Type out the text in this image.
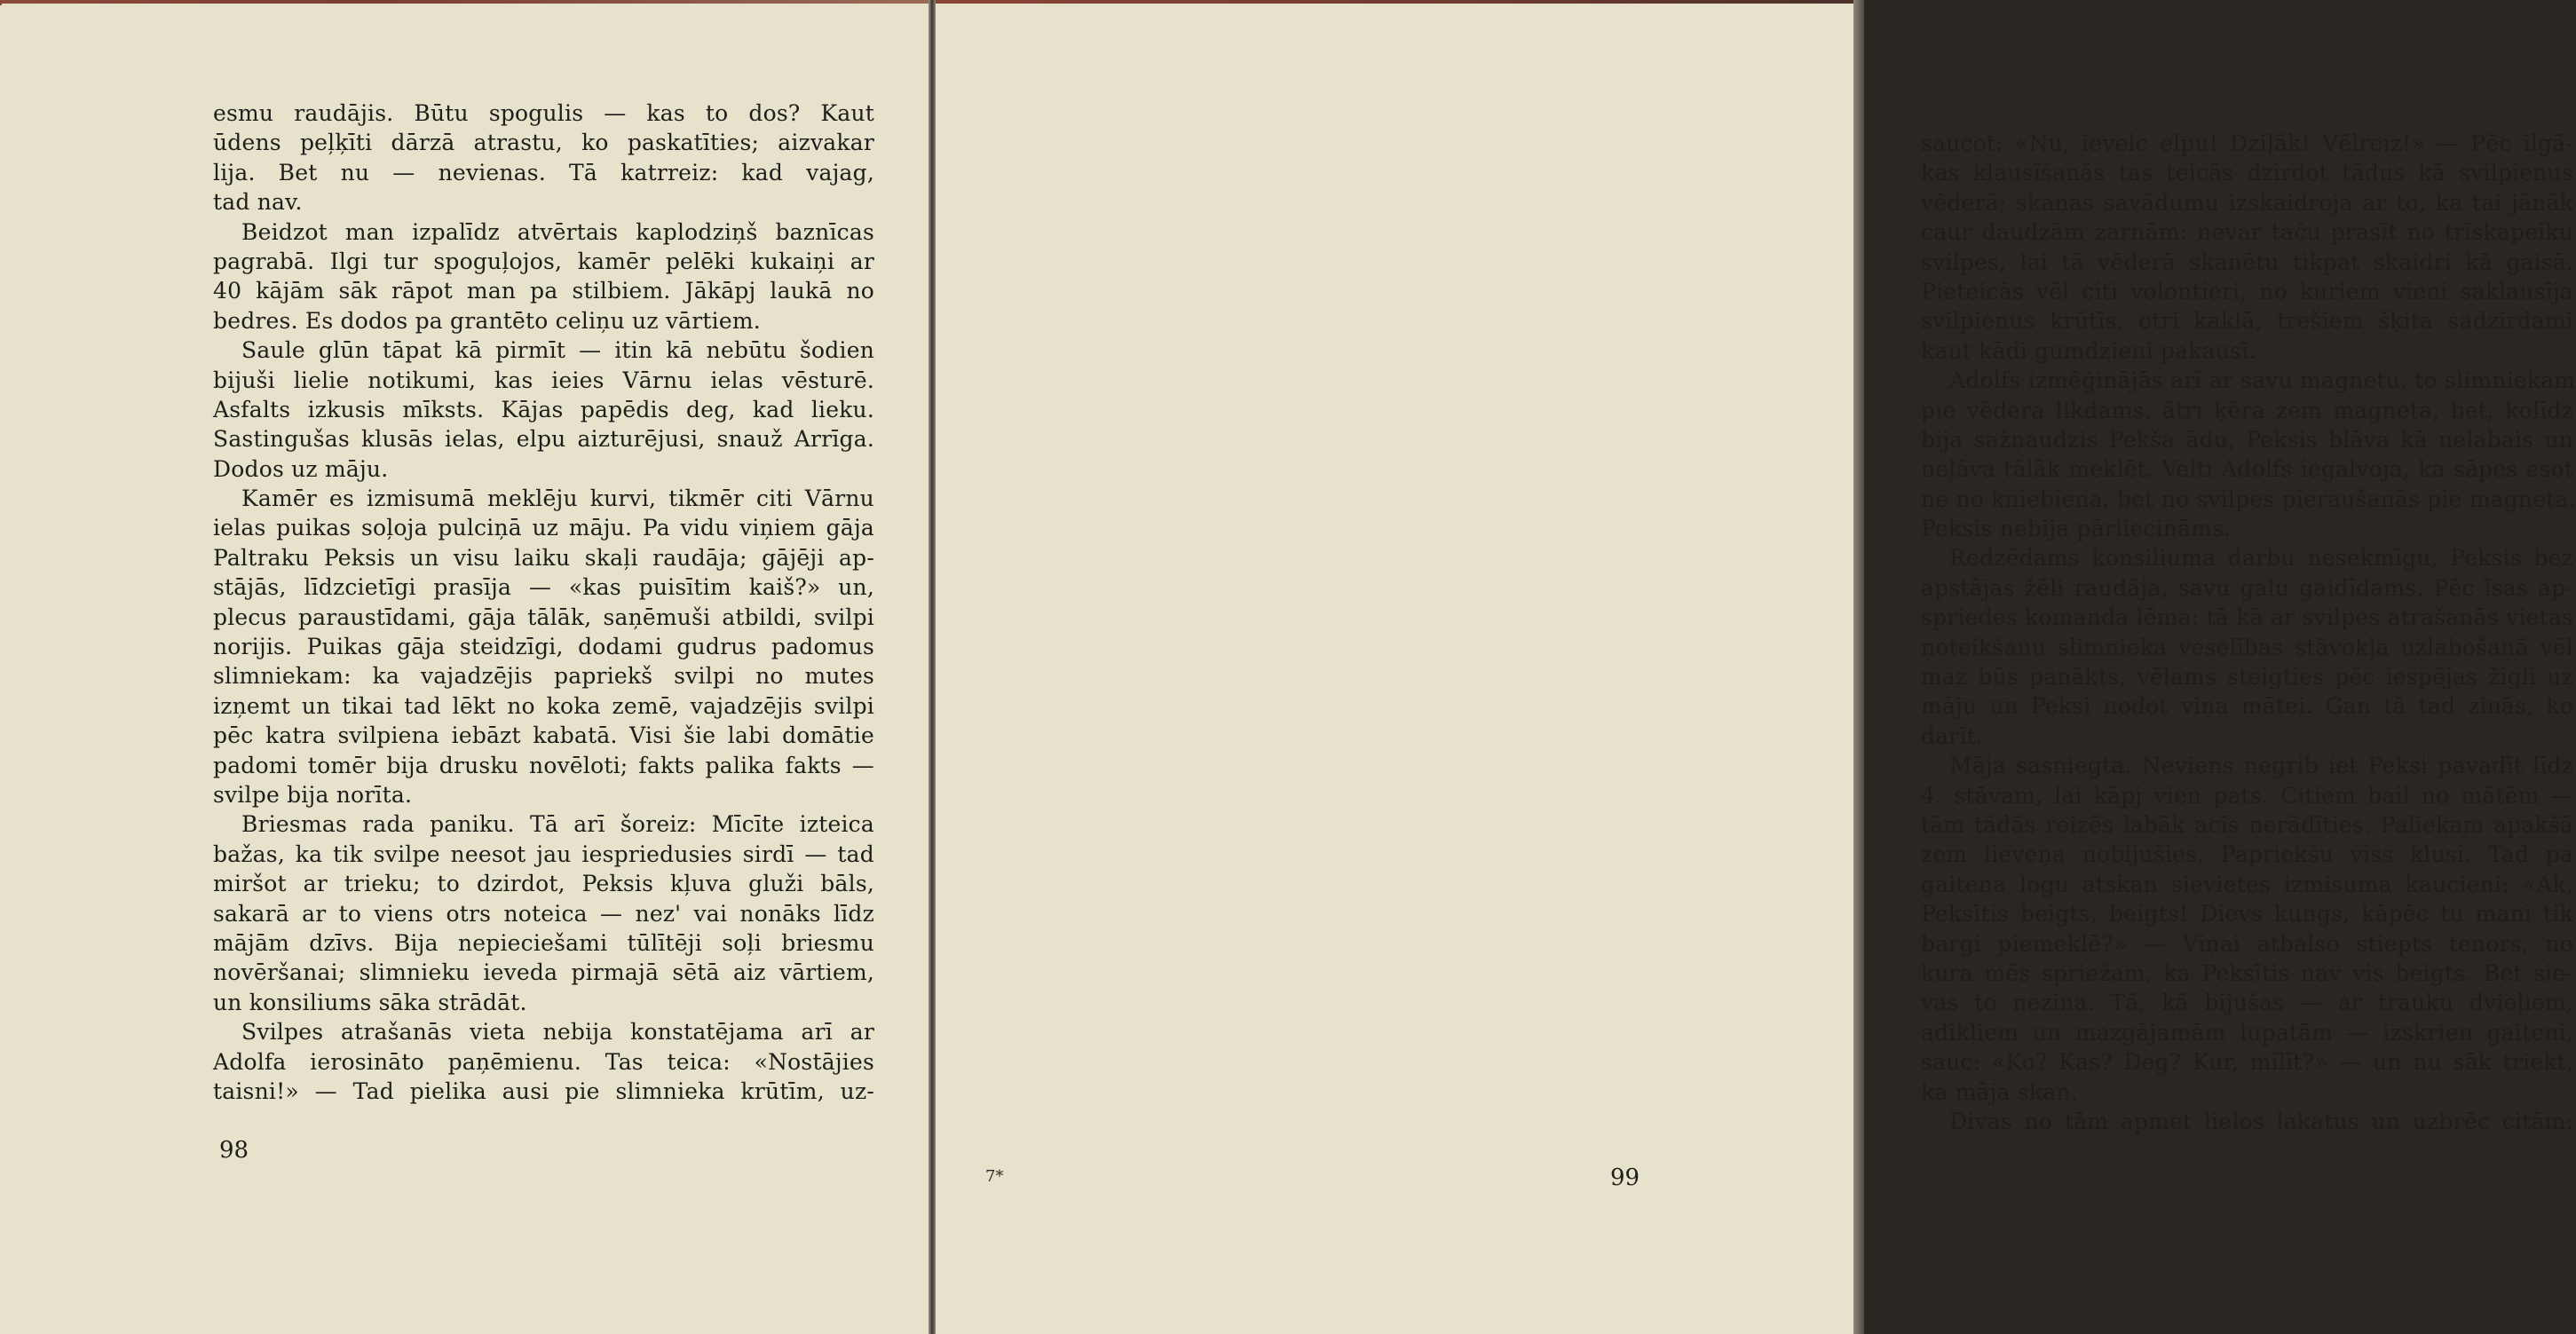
esmu raudājis. Būtu spogulis — kas to dos? Kaut
ūdens peļķīti dārzā atrastu, ko paskatīties; aizvakar
lija. Bet nu — nevienas. Tā katrreiz: kad vajag,
tad nav.
Beidzot man izpalīdz atvērtais kaplodziņš baznīcas
pagrabā. Ilgi tur spoguļojos, kamēr pelēki kukaiņi ar
40 kājām sāk rāpot man pa stilbiem. Jākāpj laukā no
bedres. Es dodos pa grantēto celiņu uz vārtiem.
Saule glūn tāpat kā pirmīt — itin kā nebūtu šodien
bijuši lielie notikumi, kas ieies Vārnu ielas vēsturē.
Asfalts izkusis mīksts. Kājas papēdis deg, kad lieku.
Sastingušas klusās ielas, elpu aizturējusi, snauž Arrīga.
Dodos uz māju.
Kamēr es izmisumā meklēju kurvi, tikmēr citi Vārnu
ielas puikas soļoja pulciņā uz māju. Pa vidu viņiem gāja
Paltraku Peksis un visu laiku skaļi raudāja; gājēji ap-
stājās, līdzcietīgi prasīja — «kas puisītim kaiš?» un,
plecus paraustīdami, gāja tālāk, saņēmuši atbildi, svilpi
norijis. Puikas gāja steidzīgi, dodami gudrus padomus
slimniekam: ka vajadzējis papriekš svilpi no mutes
izņemt un tikai tad lēkt no koka zemē, vajadzējis svilpi
pēc katra svilpiena iebāzt kabatā. Visi šie labi domātie
padomi tomēr bija drusku novēloti; fakts palika fakts —
svilpe bija norīta.
Briesmas rada paniku. Tā arī šoreiz: Mīcīte izteica
bažas, ka tik svilpe neesot jau iespriedusies sirdī — tad
miršot ar trieku; to dzirdot, Peksis kļuva gluži bāls,
sakarā ar to viens otrs noteica — nez' vai nonāks līdz
mājām dzīvs. Bija nepieciešami tūlītēji soļi briesmu
novēršanai; slimnieku ieveda pirmajā sētā aiz vārtiem,
un konsiliums sāka strādāt.
Svilpes atrašanās vieta nebija konstatējama arī ar
Adolfa ierosināto paņēmienu. Tas teica: «Nostājies
taisni!» — Tad pielika ausi pie slimnieka krūtīm, uz-
saucot: «Nu, ievelc elpu! Dziļāk! Vēlreiz!» — Pēc ilgā-
kas klausīšanās tas teicās dzirdot tādus kā svilpienus
vēderā; skaņas savādumu izskaidroja ar to, ka tai jānāk
caur daudzām zarnām: nevar taču prasīt no trīskapeiku
svilpes, lai tā vēderā skanētu tikpat skaidri kā gaisā.
Pieteicās vēl citi volontieri, no kuriem vieni saklausīja
svilpienus krūtīs, otri kaklā, trešiem šķita sadzirdami
kaut kādi gumdzieni pakausī.
Adolfs izmēģinājās arī ar savu magnetu, to slimniekam
pie vēdera likdams, ātri ķēra zem magneta, bet, kolīdz
bija sažņaudzis Pekša ādu, Peksis bļāva kā nelabais un
neļāva tālāk meklēt. Velti Adolfs iegalvoja, ka sāpes esot
ne no kniebiena, bet no svilpes pieraušanās pie magneta.
Peksis nebija pārliecināms.
Redzēdams konsiliuma darbu nesekmīgu, Peksis bez
apstājas žēli raudāja, savu galu gaidīdams. Pēc īsas ap-
spriedes komanda lēma: tā kā ar svilpes atrašanās vietas
noteikšanu slimnieka veselības stāvokļa uzlabošanā vēl
maz būs panākts, vēlams steigties pēc iespējas žigli uz
māju un Peksi nodot viņa mātei. Gan tā tad zinās, ko
darīt.
Māja sasniegta. Neviens negrib iet Peksi pavadīt līdz
4. stāvam, lai kāpj vien pats. Citiem bail no mātēm —
tām tādās reizēs labāk acīs nerādīties. Paliekam apakšā
zem lieveņa nobijušies. Papriekšu viss klusi. Tad pa
gaiteņa logu atskan sievietes izmisuma kaucieni: «Ak,
Peksītis beigts, beigts! Dievs kungs, kāpēc tu mani tik
bargi piemeklē?» — Viņai atbalso stiepts tenors, no
kura mēs spriežam, ka Peksītis nav vis beigts. Bet sie-
vas to nezina. Tā, kā bijušas — ar trauku dvieļiem,
adīkļiem un mazgājamām lupatām — izskrien gaitenī,
sauc: «Ko? Kas? Deg? Kur, mīlīt?» — un nu sāk triekt,
ka māja skan.
Divas no tām apmet lielos lakatus un uzbrēc citām:
98
7*	99
